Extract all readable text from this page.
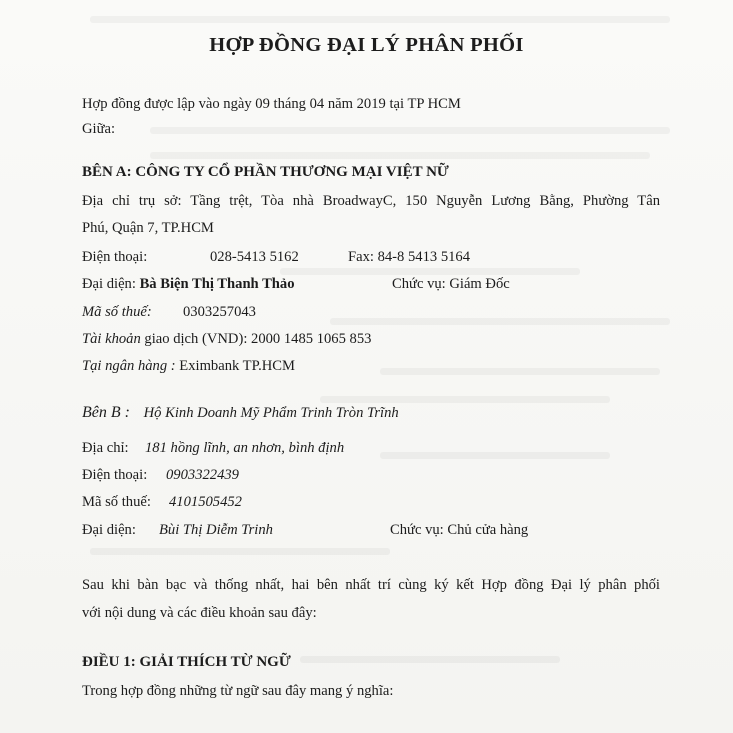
HỢP ĐỒNG ĐẠI LÝ PHÂN PHỐI
Hợp đồng được lập vào ngày 09 tháng 04 năm 2019 tại TP HCM
Giữa:
BÊN A: CÔNG TY CỔ PHẦN THƯƠNG MẠI VIỆT NỮ
Địa chỉ trụ sở: Tầng trệt, Tòa nhà BroadwayC, 150 Nguyễn Lương Bằng, Phường Tân
Phú, Quận 7, TP.HCM
Điện thoại:	028-5413 5162	Fax: 84-8 5413 5164
Đại diện: Bà Biện Thị Thanh Thảo	Chức vụ: Giám Đốc
Mã số thuế: 0303257043
Tài khoản giao dịch (VND): 2000 1485 1065 853
Tại ngân hàng : Eximbank TP.HCM
Bên B : Hộ Kinh Doanh Mỹ Phẩm Trinh Tròn Trĩnh
Địa chỉ: 181 hồng lĩnh, an nhơn, bình định
Điện thoại: 0903322439
Mã số thuế: 4101505452
Đại diện: Bùi Thị Diễm Trinh	Chức vụ: Chủ cửa hàng
Sau khi bàn bạc và thống nhất, hai bên nhất trí cùng ký kết Hợp đồng Đại lý phân phối
với nội dung và các điều khoản sau đây:
ĐIỀU 1: GIẢI THÍCH TỪ NGỮ
Trong hợp đồng những từ ngữ sau đây mang ý nghĩa:
